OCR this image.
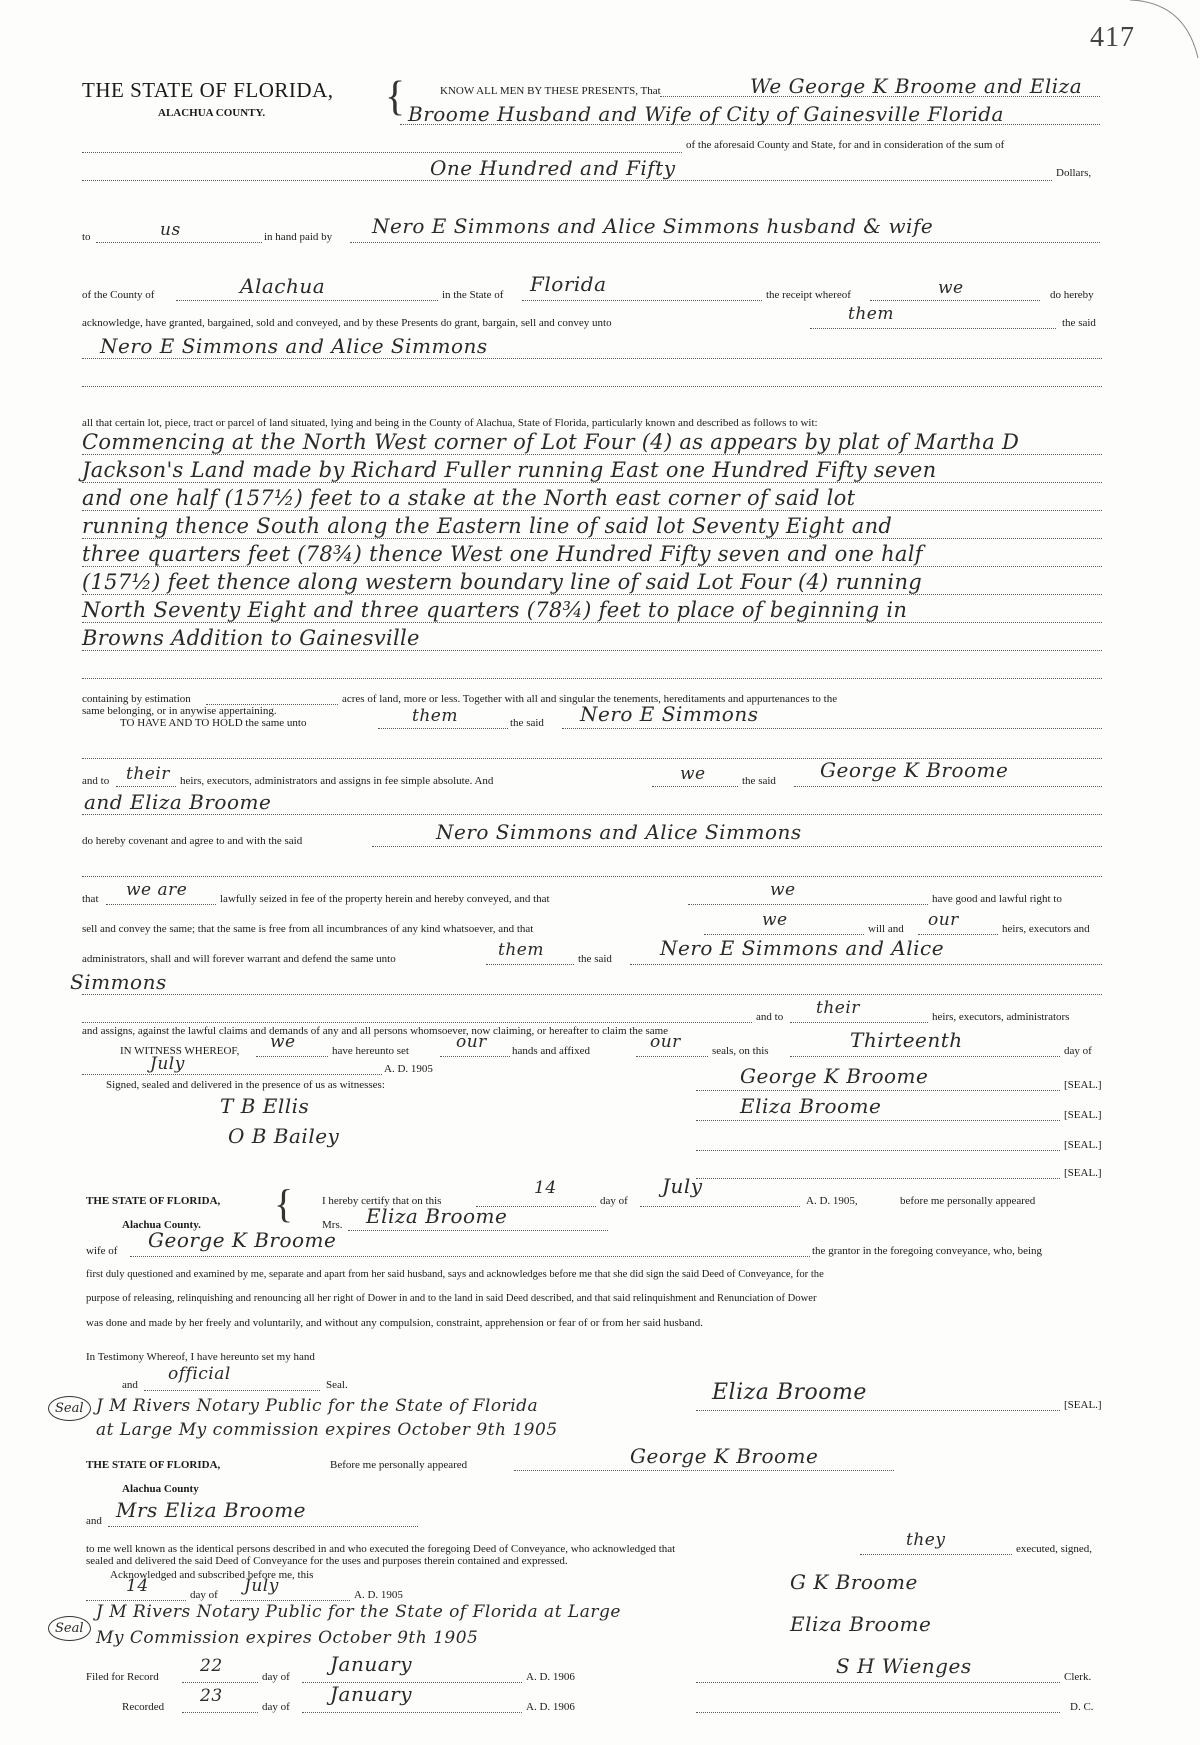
417
THE STATE OF FLORIDA,
ALACHUA COUNTY.	{	KNOW ALL MEN BY THESE PRESENTS, That	We George K Broome and Eliza
Broome Husband and Wife of City of Gainesville Florida
of the aforesaid County and State, for and in consideration of the sum of
One Hundred and Fifty	Dollars,
to	us	in hand paid by Nero E Simmons and Alice Simmons husband & wife
of the County of	Alachua	in the State of Florida	the receipt whereof	we	do hereby
acknowledge, have granted, bargained, sold and conveyed, and by these Presents do grant, bargain, sell and convey unto	them	the said
Nero E Simmons and Alice Simmons
all that certain lot, piece, tract or parcel of land situated, lying and being in the County of Alachua, State of Florida, particularly known and described as follows to wit:
Commencing at the North West corner of Lot Four (4) as appears by plat of Martha D
Jackson's Land made by Richard Fuller running East one Hundred Fifty seven
and one half (157½) feet to a stake at the North east corner of said lot
running thence South along the Eastern line of said lot Seventy Eight and
three quarters feet (78¾) thence West one Hundred Fifty seven and one half
(157½) feet thence along western boundary line of said Lot Four (4) running
North Seventy Eight and three quarters (78¾) feet to place of beginning in
Browns Addition to Gainesville
containing by estimation	acres of land, more or less. Together with all and singular the tenements, hereditaments and appurtenances to the
same belonging, or in anywise appertaining.
TO HAVE AND TO HOLD the same unto	them	the said Nero E Simmons
and to their heirs, executors, administrators and assigns in fee simple absolute. And	we	the said George K Broome
and Eliza Broome
do hereby covenant and agree to and with the said	Nero Simmons and Alice Simmons
that we are	lawfully seized in fee of the property herein and hereby conveyed, and that	we	have good and lawful right to
sell and convey the same; that the same is free from all incumbrances of any kind whatsoever, and that	we	will and our	heirs, executors and
administrators, shall and will forever warrant and defend the same unto	them	the said Nero E Simmons and Alice
Simmons
and to their	heirs, executors, administrators
and assigns, against the lawful claims and demands of any and all persons whomsoever, now claiming, or hereafter to claim the same
IN WITNESS WHEREOF, we	have hereunto set	our hands and affixed	our	seals, on this	Thirteenth	day of
July	A. D. 1905
Signed, sealed and delivered in the presence of us as witnesses:	George K Broome	[SEAL.]
T B Ellis	Eliza Broome	[SEAL.]
O B Bailey	[SEAL.]
[SEAL.]
THE STATE OF FLORIDA,
Alachua County. {	I hereby certify that on this
14
day of
July
A. D. 1905,	before me personally appeared
Mrs. Eliza Broome
wife of George K Broome	the grantor in the foregoing conveyance, who, being
first duly questioned and examined by me, separate and apart from her said husband, says and acknowledges before me that she did sign the said Deed of Conveyance, for the
purpose of releasing, relinquishing and renouncing all her right of Dower in and to the land in said Deed described, and that said relinquishment and Renunciation of Dower
was done and made by her freely and voluntarily, and without any compulsion, constraint, apprehension or fear of or from her said husband.
In Testimony Whereof, I have hereunto set my hand
and
official
Seal.
Seal J M Rivers Notary Public for the State of Florida
at Large My commission expires October 9th 1905
Eliza Broome	[SEAL.]
THE STATE OF FLORIDA,
Alachua County
Before me personally appeared	George K Broome
and Mrs Eliza Broome
to me well known as the identical persons described in and who executed the foregoing Deed of Conveyance, who acknowledged that	they	executed, signed,
sealed and delivered the said Deed of Conveyance for the uses and purposes therein contained and expressed.
Acknowledged and subscribed before me, this
14	day of July	A. D. 1905
Seal
J M Rivers Notary Public for the State of Florida at Large
My Commission expires October 9th 1905
G K Broome
Eliza Broome
Filed for Record
22
day of
January
A. D. 1906	S H Wienges	Clerk.
Recorded
23
day of
January
A. D. 1906	D. C.
